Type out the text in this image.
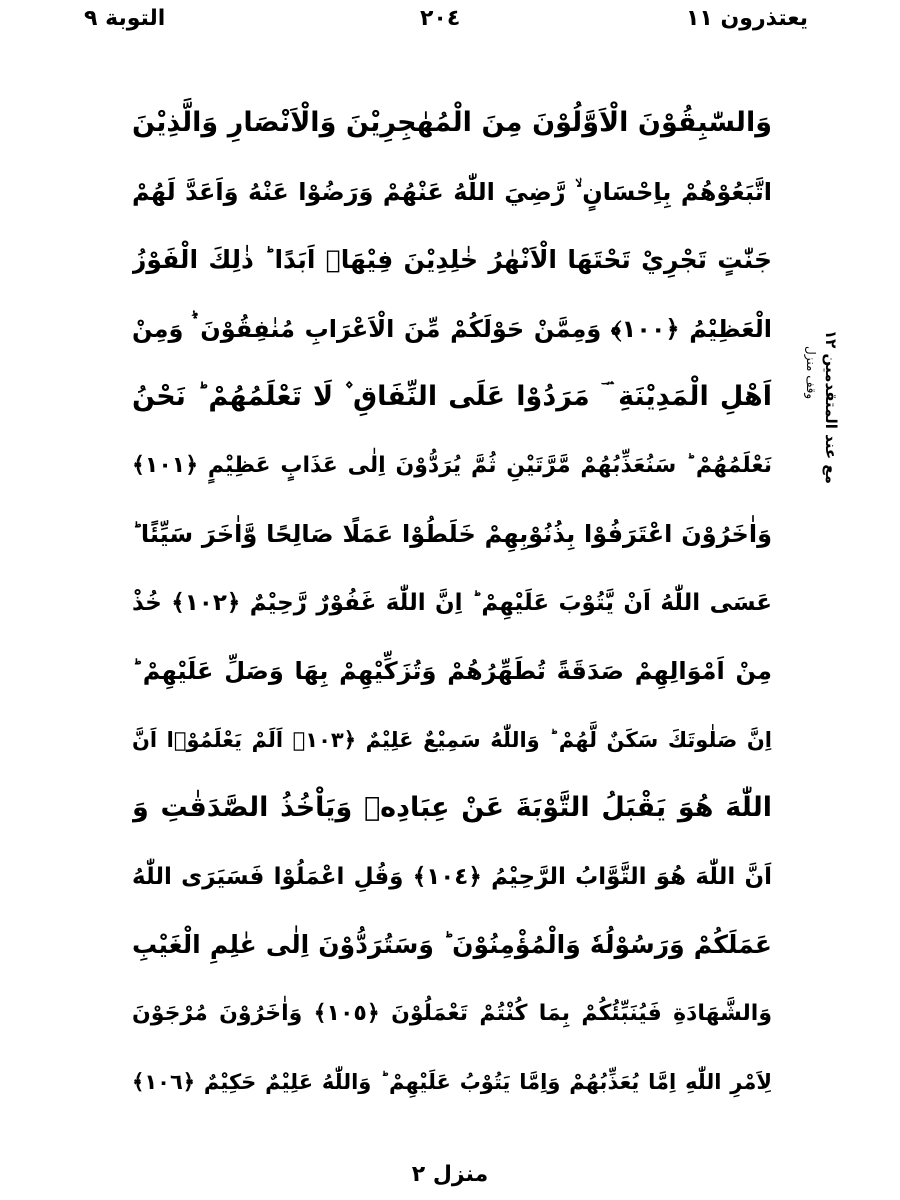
يعتذرون ١١
٢٠٤
التوبة ٩
وَالسّٰبِقُوْنَ الْاَوَّلُوْنَ مِنَ الْمُهٰجِرِيْنَ وَالْاَنْصَارِ وَالَّذِيْنَ
اتَّبَعُوْهُمْ بِاِحْسَانٍ ۙ رَّضِيَ اللّٰهُ عَنْهُمْ وَرَضُوْا عَنْهُ وَاَعَدَّ لَهُمْ
جَنّٰتٍ تَجْرِيْ تَحْتَهَا الْاَنْهٰرُ خٰلِدِيْنَ فِيْهَاۤ اَبَدًا ؕ ذٰلِكَ الْفَوْزُ
الْعَظِيْمُ ﴿١٠٠﴾ وَمِمَّنْ حَوْلَكُمْ مِّنَ الْاَعْرَابِ مُنٰفِقُوْنَ ۛؕ وَمِنْ
اَهْلِ الْمَدِيْنَةِ ۛ ؔ مَرَدُوْا عَلَى النِّفَاقِ ۫ لَا تَعْلَمُهُمْ ؕ نَحْنُ
نَعْلَمُهُمْ ؕ سَنُعَذِّبُهُمْ مَّرَّتَيْنِ ثُمَّ يُرَدُّوْنَ اِلٰى عَذَابٍ عَظِيْمٍ ﴿١٠١﴾
وَاٰخَرُوْنَ اعْتَرَفُوْا بِذُنُوْبِهِمْ خَلَطُوْا عَمَلًا صَالِحًا وَّاٰخَرَ سَيِّئًا ؕ
عَسَى اللّٰهُ اَنْ يَّتُوْبَ عَلَيْهِمْ ؕ اِنَّ اللّٰهَ غَفُوْرٌ رَّحِيْمٌ ﴿١٠٢﴾ خُذْ
مِنْ اَمْوَالِهِمْ صَدَقَةً تُطَهِّرُهُمْ وَتُزَكِّيْهِمْ بِهَا وَصَلِّ عَلَيْهِمْ ؕ
اِنَّ صَلٰوتَكَ سَكَنٌ لَّهُمْ ؕ وَاللّٰهُ سَمِيْعٌ عَلِيْمٌ ﴿١٠٣﴾ اَلَمْ يَعْلَمُوْۤا اَنَّ
اللّٰهَ هُوَ يَقْبَلُ التَّوْبَةَ عَنْ عِبَادِهٖ وَيَاْخُذُ الصَّدَقٰتِ وَ
اَنَّ اللّٰهَ هُوَ التَّوَّابُ الرَّحِيْمُ ﴿١٠٤﴾ وَقُلِ اعْمَلُوْا فَسَيَرَى اللّٰهُ
عَمَلَكُمْ وَرَسُوْلُهٗ وَالْمُؤْمِنُوْنَ ؕ وَسَتُرَدُّوْنَ اِلٰى عٰلِمِ الْغَيْبِ
وَالشَّهَادَةِ فَيُنَبِّئُكُمْ بِمَا كُنْتُمْ تَعْمَلُوْنَ ﴿١٠٥﴾ وَاٰخَرُوْنَ مُرْجَوْنَ
لِاَمْرِ اللّٰهِ اِمَّا يُعَذِّبُهُمْ وَاِمَّا يَتُوْبُ عَلَيْهِمْ ؕ وَاللّٰهُ عَلِيْمٌ حَكِيْمٌ ﴿١٠٦﴾
مع عند المتقدمین ۱۲
وقف منزل
منزل ٢
